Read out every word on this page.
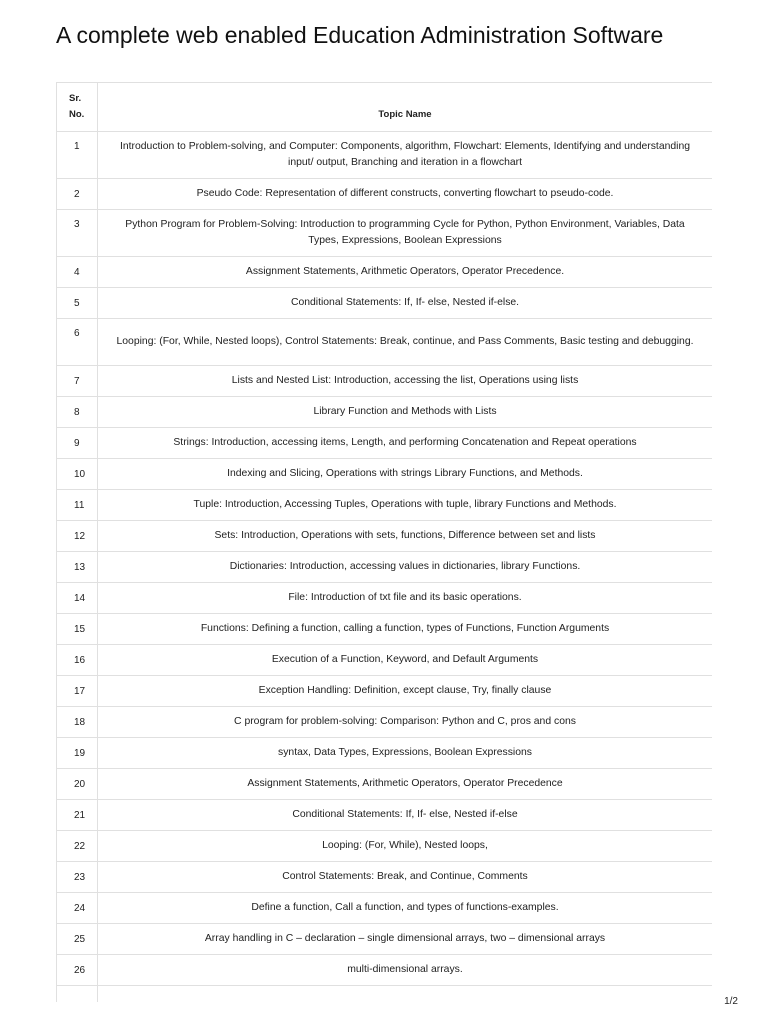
A complete web enabled Education Administration Software
Sr.
No.	Topic Name
1	Introduction to Problem-solving, and Computer: Components, algorithm, Flowchart: Elements, Identifying and understanding input/ output, Branching and iteration in a flowchart
2	Pseudo Code: Representation of different constructs, converting flowchart to pseudo-code.
3	Python Program for Problem-Solving: Introduction to programming Cycle for Python, Python Environment, Variables, Data Types, Expressions, Boolean Expressions
4	Assignment Statements, Arithmetic Operators, Operator Precedence.
5	Conditional Statements: If, If- else, Nested if-else.
6	Looping: (For, While, Nested loops), Control Statements: Break, continue, and Pass Comments, Basic testing and debugging.
7	Lists and Nested List: Introduction, accessing the list, Operations using lists
8	Library Function and Methods with Lists
9	Strings: Introduction, accessing items, Length, and performing Concatenation and Repeat operations
10	Indexing and Slicing, Operations with strings Library Functions, and Methods.
11	Tuple: Introduction, Accessing Tuples, Operations with tuple, library Functions and Methods.
12	Sets: Introduction, Operations with sets, functions, Difference between set and lists
13	Dictionaries: Introduction, accessing values in dictionaries, library Functions.
14	File: Introduction of txt file and its basic operations.
15	Functions: Defining a function, calling a function, types of Functions, Function Arguments
16	Execution of a Function, Keyword, and Default Arguments
17	Exception Handling: Definition, except clause, Try, finally clause
18	C program for problem-solving: Comparison: Python and C, pros and cons
19	syntax, Data Types, Expressions, Boolean Expressions
20	Assignment Statements, Arithmetic Operators, Operator Precedence
21	Conditional Statements: If, If- else, Nested if-else
22	Looping: (For, While), Nested loops,
23	Control Statements: Break, and Continue, Comments
24	Define a function, Call a function, and types of functions-examples.
25	Array handling in C – declaration – single dimensional arrays, two – dimensional arrays
26	multi-dimensional arrays.

1/2
